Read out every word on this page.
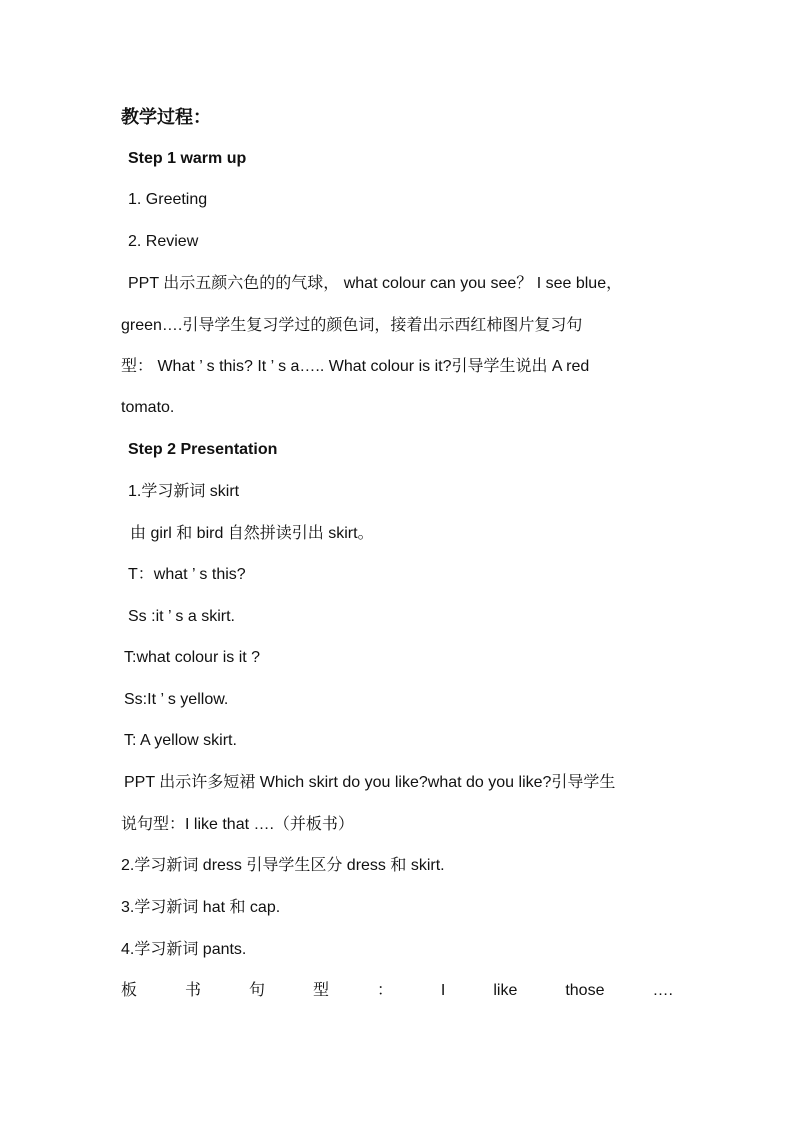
教学过程：
Step 1 warm up
1. Greeting
2. Review
PPT 出示五颜六色的的气球， what colour can you see？ I see blue，
green….引导学生复习学过的颜色词，接着出示西红柿图片复习句
型： What ’ s this? It ’ s a….. What colour is it?引导学生说出 A red
tomato.
Step 2 Presentation
1.学习新词 skirt
由 girl 和 bird 自然拼读引出 skirt。
T：what ’ s this?
Ss :it ’ s a skirt.
T:what colour is it ?
Ss:It ’ s yellow.
T: A yellow skirt.
PPT 出示许多短裙 Which skirt do you like?what do you like?引导学生
说句型：I like that ….（并板书）
2.学习新词 dress 引导学生区分 dress 和 skirt.
3.学习新词 hat 和 cap.
4.学习新词 pants.
板	书	句	型	：	I	like	those	….
